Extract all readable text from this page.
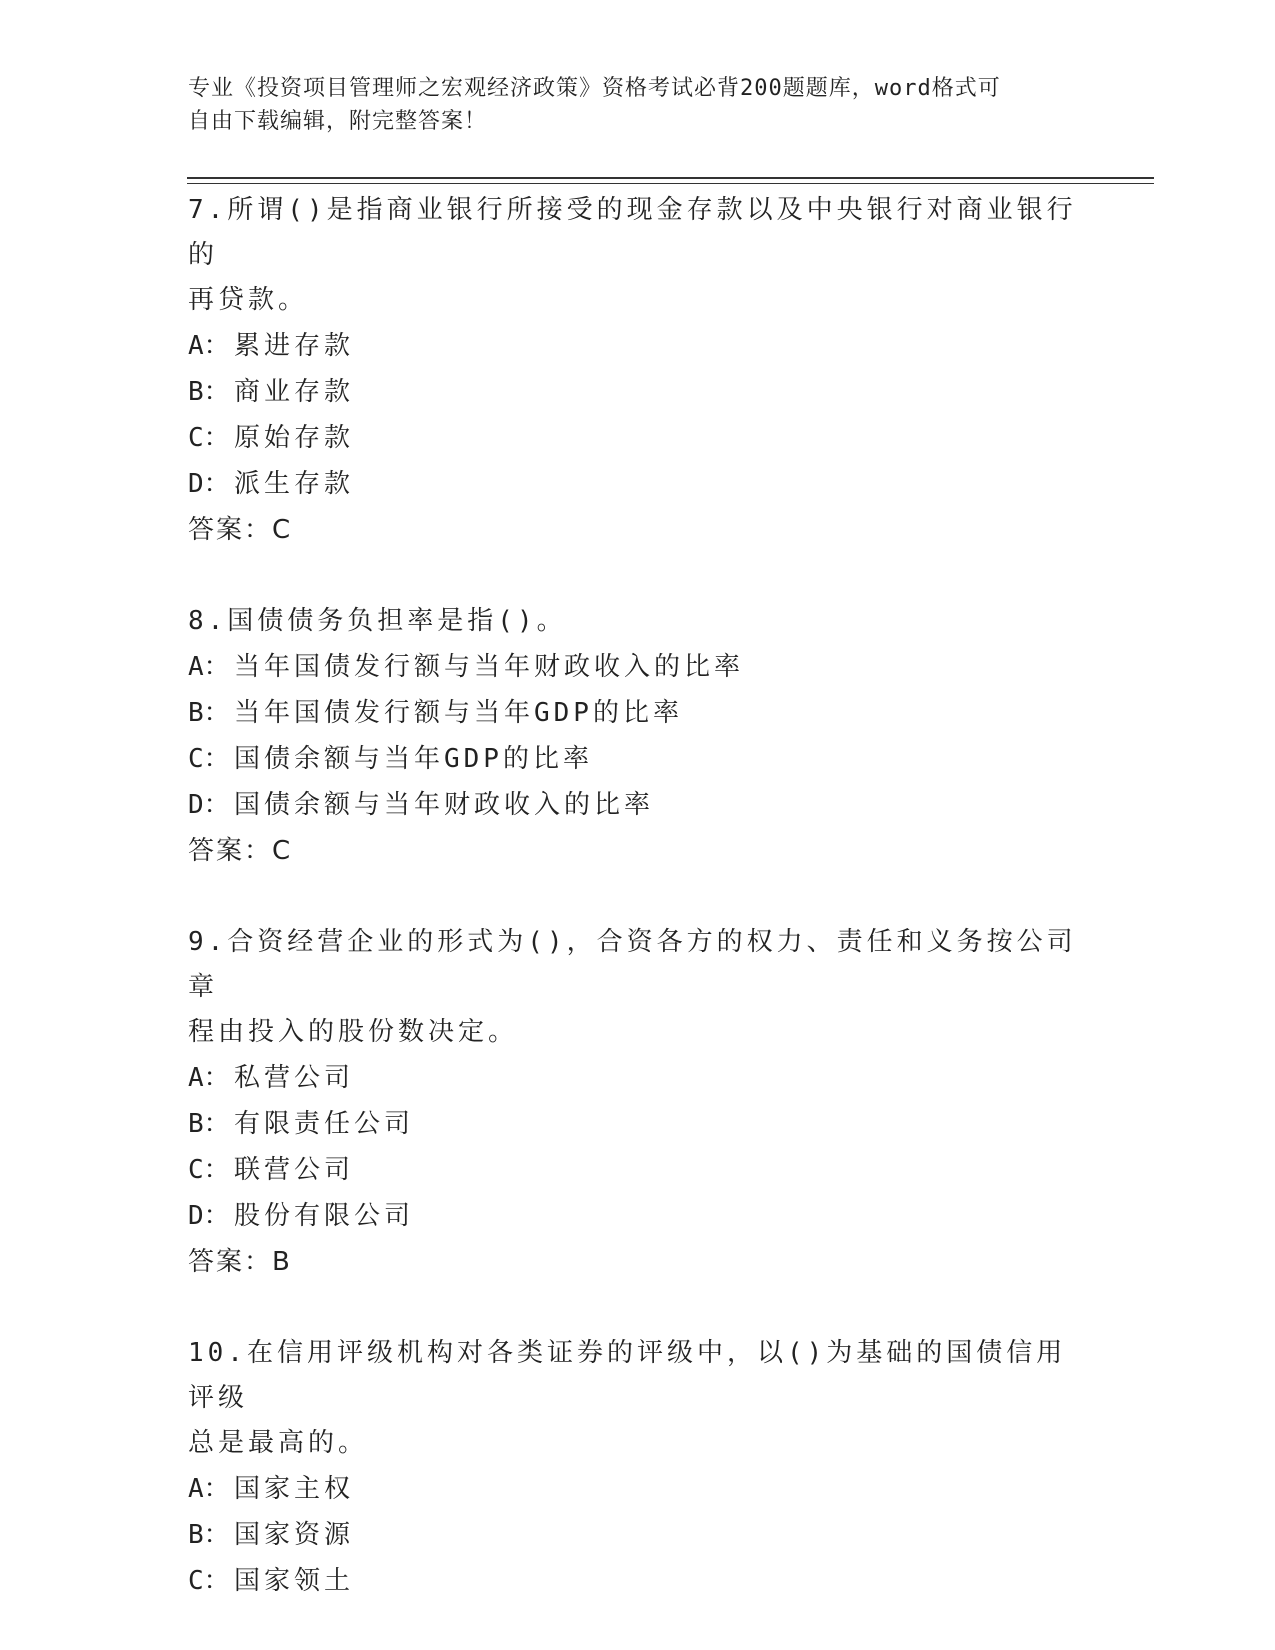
专业《投资项目管理师之宏观经济政策》资格考试必背200题题库，word格式可
自由下载编辑，附完整答案！
7.所谓()是指商业银行所接受的现金存款以及中央银行对商业银行的
再贷款。
A： 累进存款
B： 商业存款
C： 原始存款
D： 派生存款
答案：C
8.国债债务负担率是指()。
A： 当年国债发行额与当年财政收入的比率
B： 当年国债发行额与当年GDP的比率
C： 国债余额与当年GDP的比率
D： 国债余额与当年财政收入的比率
答案：C
9.合资经营企业的形式为()，合资各方的权力、责任和义务按公司章
程由投入的股份数决定。
A： 私营公司
B： 有限责任公司
C： 联营公司
D： 股份有限公司
答案：B
10.在信用评级机构对各类证券的评级中，以()为基础的国债信用评级
总是最高的。
A： 国家主权
B： 国家资源
C： 国家领土
